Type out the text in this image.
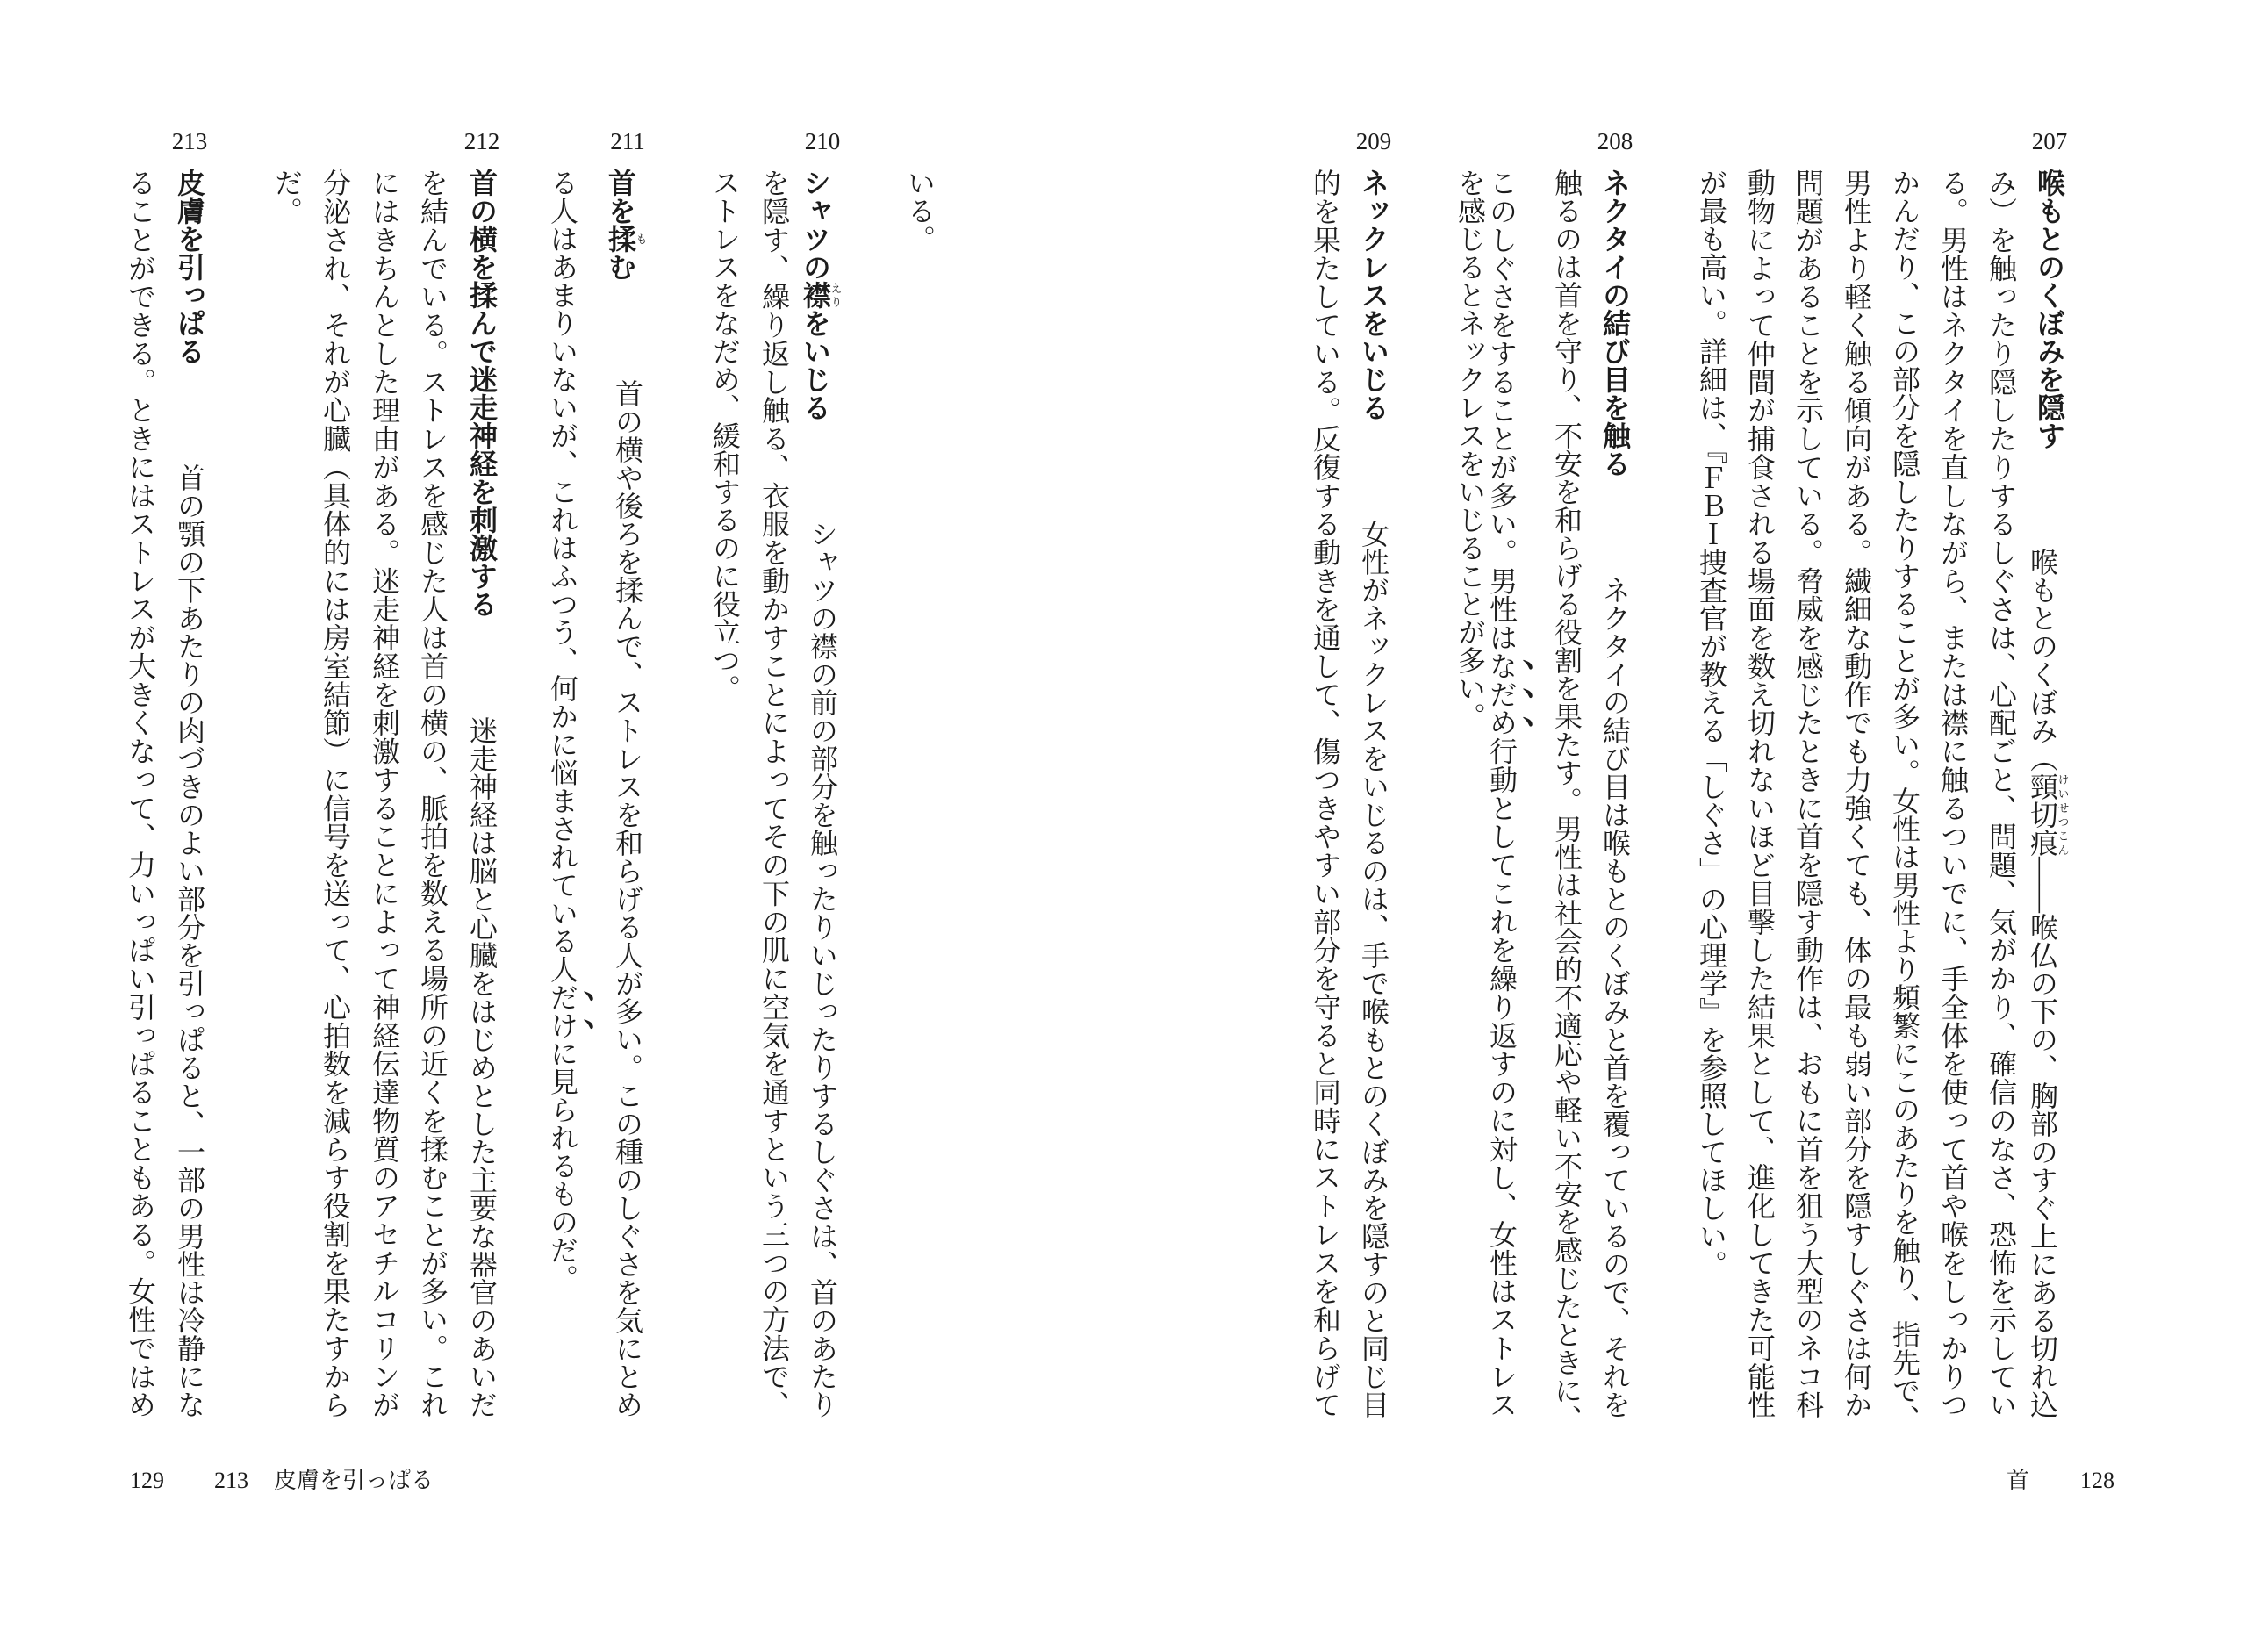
207
喉もとのくぼみを隠す
喉もとのくぼみ（頸切痕けいせつこん――喉仏の下の、胸部のすぐ上にある切れ込
み）を触ったり隠したりするしぐさは、心配ごと、問題、気がかり、確信のなさ、恐怖を示してい
る。男性はネクタイを直しながら、または襟に触るついでに、手全体を使って首や喉をしっかりつ
かんだり、この部分を隠したりすることが多い。女性は男性より頻繁にこのあたりを触り、指先で、
男性より軽く触る傾向がある。繊細な動作でも力強くても、体の最も弱い部分を隠すしぐさは何か
問題があることを示している。脅威を感じたときに首を隠す動作は、おもに首を狙う大型のネコ科
動物によって仲間が捕食される場面を数え切れないほど目撃した結果として、進化してきた可能性
が最も高い。詳細は、『ＦＢＩ捜査官が教える「しぐさ」の心理学』を参照してほしい。
208
ネクタイの結び目を触る
ネクタイの結び目は喉もとのくぼみと首を覆っているので、それを
触るのは首を守り、不安を和らげる役割を果たす。男性は社会的不適応や軽い不安を感じたときに、
このしぐさをすることが多い。男性はなだめ行動としてこれを繰り返すのに対し、女性はストレス
を感じるとネックレスをいじることが多い。
209
ネックレスをいじる
女性がネックレスをいじるのは、手で喉もとのくぼみを隠すのと同じ目
的を果たしている。反復する動きを通して、傷つきやすい部分を守ると同時にストレスを和らげて
首 128
いる。
210
シャツの襟えりをいじる
シャツの襟の前の部分を触ったりいじったりするしぐさは、首のあたり
を隠す、繰り返し触る、衣服を動かすことによってその下の肌に空気を通すという三つの方法で、
ストレスをなだめ、緩和するのに役立つ。
211
首を揉もむ
首の横や後ろを揉んで、ストレスを和らげる人が多い。この種のしぐさを気にとめ
る人はあまりいないが、これはふつう、何かに悩まされている人だけに見られるものだ。
212
首の横を揉んで迷走神経を刺激する
迷走神経は脳と心臓をはじめとした主要な器官のあいだ
を結んでいる。ストレスを感じた人は首の横の、脈拍を数える場所の近くを揉むことが多い。これ
にはきちんとした理由がある。迷走神経を刺激することによって神経伝達物質のアセチルコリンが
分泌され、それが心臓（具体的には房室結節）に信号を送って、心拍数を減らす役割を果たすから
だ。
213
皮膚を引っぱる
首の顎の下あたりの肉づきのよい部分を引っぱると、一部の男性は冷静にな
ることができる。ときにはストレスが大きくなって、力いっぱい引っぱることもある。女性ではめ
129 213 皮膚を引っぱる
